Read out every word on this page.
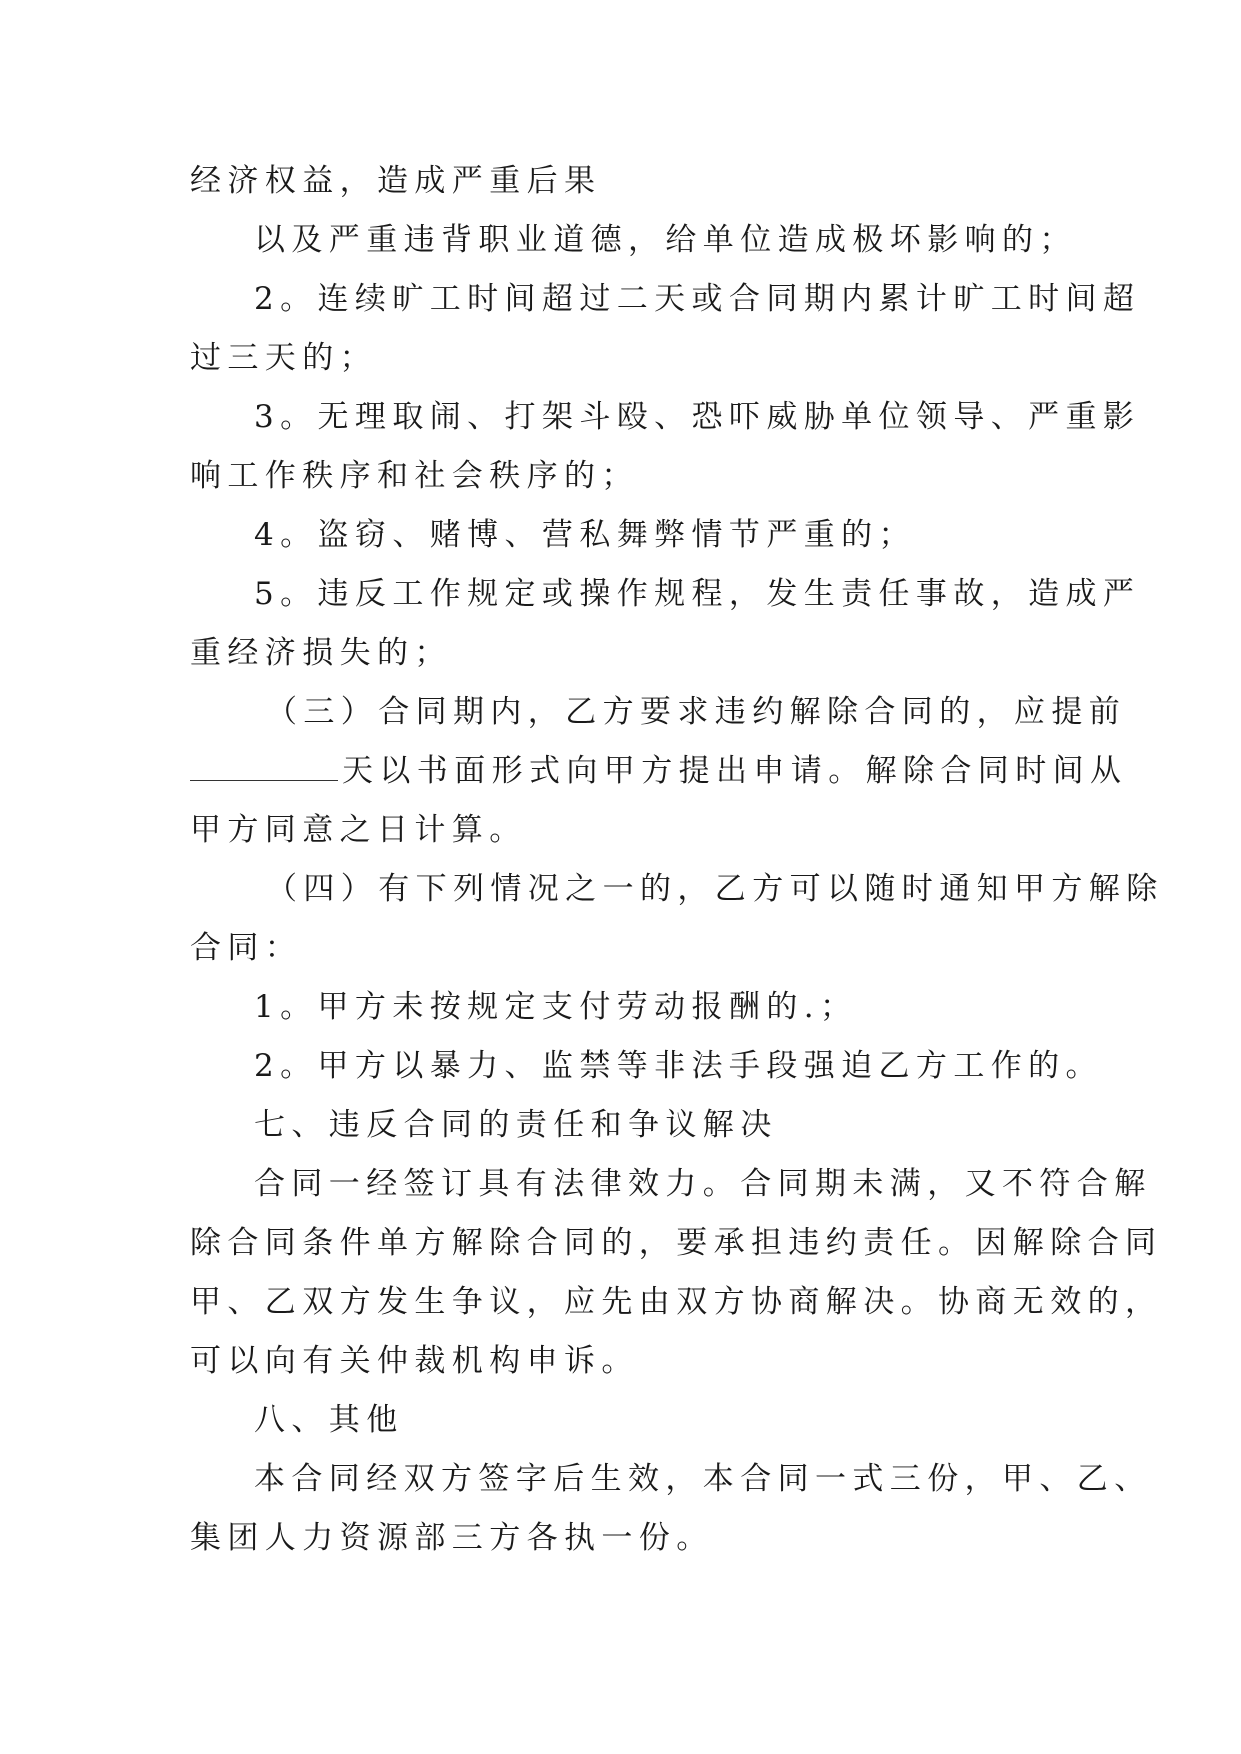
经济权益，造成严重后果
以及严重违背职业道德，给单位造成极坏影响的；
2。连续旷工时间超过二天或合同期内累计旷工时间超
过三天的；
3。无理取闹、打架斗殴、恐吓威胁单位领导、严重影
响工作秩序和社会秩序的；
4。盗窃、赌博、营私舞弊情节严重的；
5。违反工作规定或操作规程，发生责任事故，造成严
重经济损失的；
（三）合同期内，乙方要求违约解除合同的，应提前
天以书面形式向甲方提出申请。解除合同时间从
甲方同意之日计算。
（四）有下列情况之一的，乙方可以随时通知甲方解除
合同：
1。甲方未按规定支付劳动报酬的.；
2。甲方以暴力、监禁等非法手段强迫乙方工作的。
七、违反合同的责任和争议解决
合同一经签订具有法律效力。合同期未满，又不符合解
除合同条件单方解除合同的，要承担违约责任。因解除合同
甲、乙双方发生争议，应先由双方协商解决。协商无效的，
可以向有关仲裁机构申诉。
八、其他
本合同经双方签字后生效，本合同一式三份，甲、乙、
集团人力资源部三方各执一份。
